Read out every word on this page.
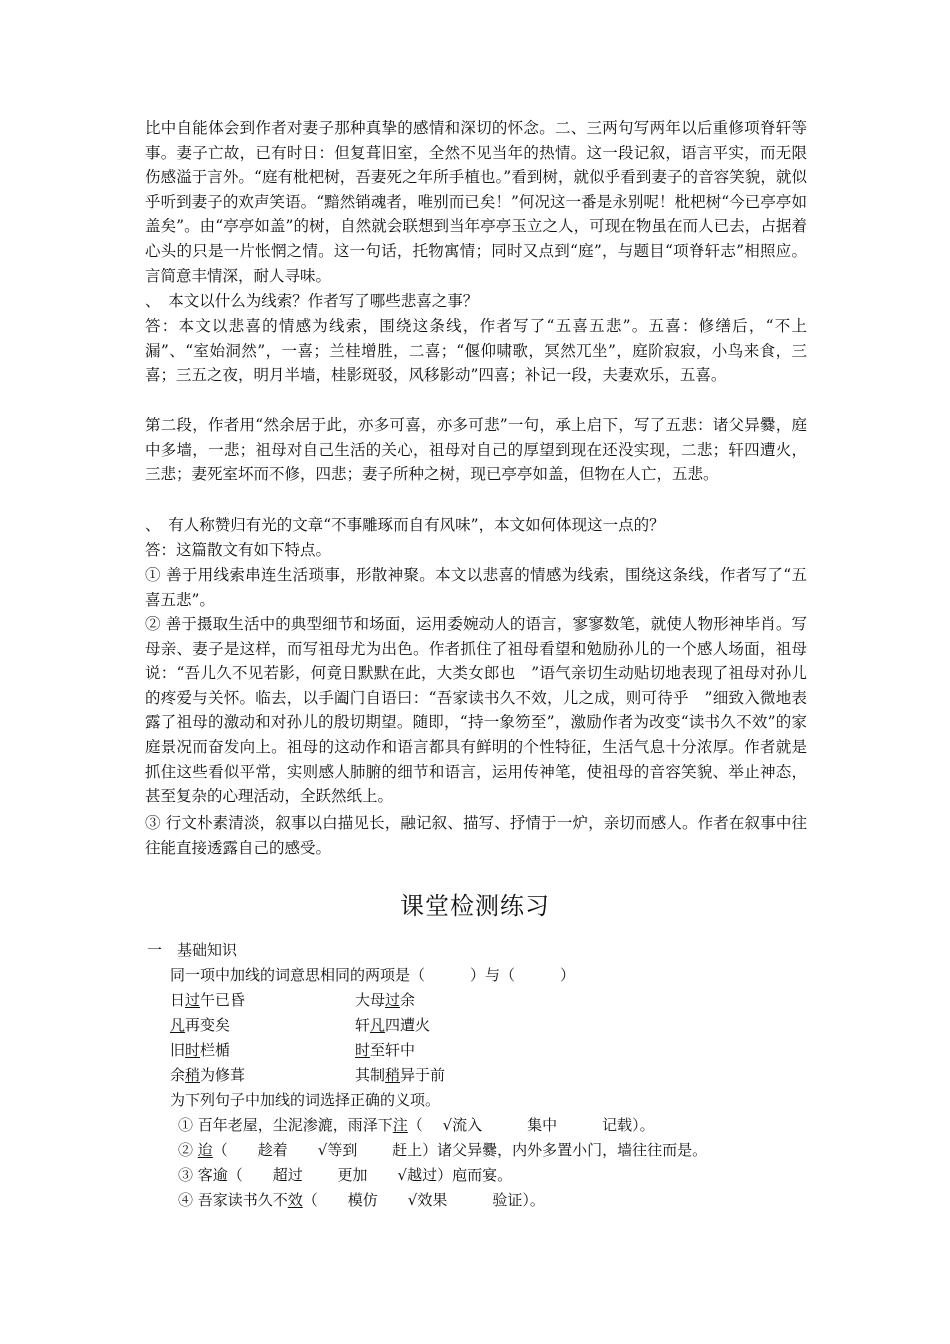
比中自能体会到作者对妻子那种真挚的感情和深切的怀念。二、三两句写两年以后重修项脊轩等事。妻子亡故，已有时日：但复葺旧室，全然不见当年的热情。这一段记叙，语言平实，而无限伤感溢于言外。“庭有枇杷树，吾妻死之年所手植也。”看到树，就似乎看到妻子的音容笑貌，就似乎听到妻子的欢声笑语。“黯然销魂者，唯别而已矣！”何况这一番是永别呢！枇杷树“今已亭亭如盖矣”。由“亭亭如盖”的树，自然就会联想到当年亭亭玉立之人，可现在物虽在而人已去，占据着心头的只是一片怅惘之情。这一句话，托物寓情；同时又点到“庭”，与题目“项脊轩志”相照应。言简意丰情深，耐人寻味。
、　本文以什么为线索？作者写了哪些悲喜之事？
答：本文以悲喜的情感为线索，围绕这条线，作者写了“五喜五悲”。五喜：修缮后，“不上漏”、“室始洞然”，一喜；兰桂增胜，二喜；“偃仰啸歌，冥然兀坐”，庭阶寂寂，小鸟来食，三喜；三五之夜，明月半墙，桂影斑驳，风移影动”四喜；补记一段，夫妻欢乐，五喜。
第二段，作者用“然余居于此，亦多可喜，亦多可悲”一句，承上启下，写了五悲：诸父异爨，庭中多墙，一悲；祖母对自己生活的关心，祖母对自己的厚望到现在还没实现，二悲；轩四遭火，三悲；妻死室坏而不修，四悲；妻子所种之树，现已亭亭如盖，但物在人亡，五悲。
、　有人称赞归有光的文章“不事雕琢而自有风味”，本文如何体现这一点的？
答：这篇散文有如下特点。
① 善于用线索串连生活琐事，形散神聚。本文以悲喜的情感为线索，围绕这条线，作者写了“五喜五悲”。
② 善于摄取生活中的典型细节和场面，运用委婉动人的语言，寥寥数笔，就使人物形神毕肖。写母亲、妻子是这样，而写祖母尤为出色。作者抓住了祖母看望和勉励孙儿的一个感人场面，祖母说：“吾儿久不见若影，何竟日默默在此，大类女郎也　”语气亲切生动贴切地表现了祖母对孙儿的疼爱与关怀。临去，以手阖门自语曰：“吾家读书久不效，儿之成，则可待乎　”细致入微地表露了祖母的激动和对孙儿的殷切期望。随即，“持一象笏至”，激励作者为改变“读书久不效”的家庭景况而奋发向上。祖母的这动作和语言都具有鲜明的个性特征，生活气息十分浓厚。作者就是抓住这些看似平常，实则感人肺腑的细节和语言，运用传神笔，使祖母的音容笑貌、举止神态，甚至复杂的心理活动，全跃然纸上。
③ 行文朴素清淡，叙事以白描见长，融记叙、描写、抒情于一炉，亲切而感人。作者在叙事中往往能直接透露自己的感受。
课堂检测练习
一　基础知识
同一项中加线的词意思相同的两项是（　　　）与（　　　）
日过午已昏	大母过余
凡再变矣	轩凡四遭火
旧时栏楯	时至轩中
余稍为修葺	其制稍异于前
为下列句子中加线的词选择正确的义项。
① 百年老屋，尘泥渗漉，雨泽下注（　 √流入　　　集中　　　记载）。
② 迨（　　趁着　　√等到　　 赶上）诸父异爨，内外多置小门，墙往往而是。
③ 客逾（　　超过　　 更加　　√越过）庖而宴。
④ 吾家读书久不效（　　模仿　　√效果　　　验证）。
